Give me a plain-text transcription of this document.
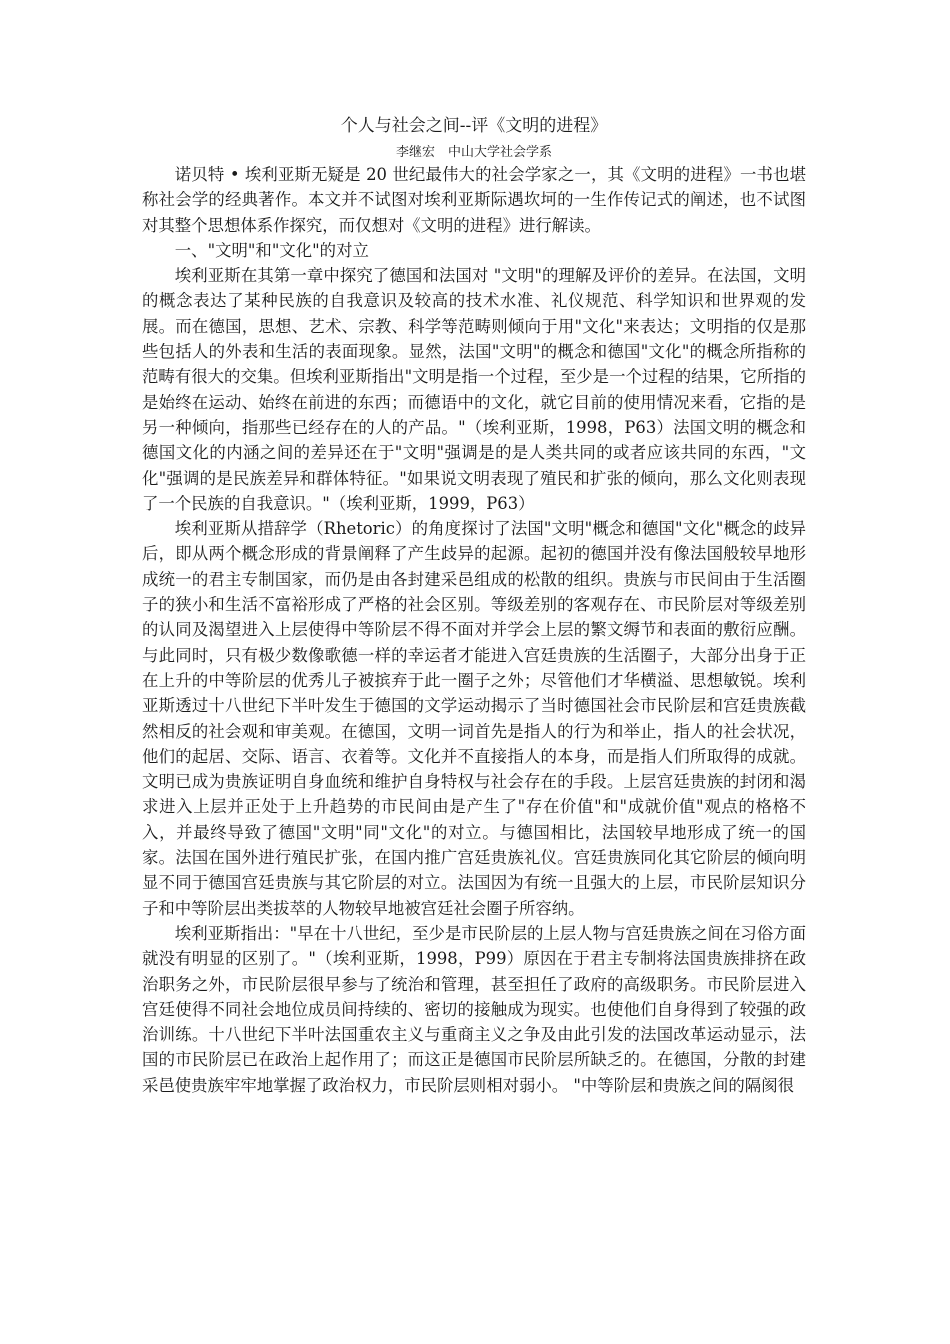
个人与社会之间--评《文明的进程》
李继宏　中山大学社会学系

诺贝特 • 埃利亚斯无疑是 20 世纪最伟大的社会学家之一，其《文明的进程》一书也堪称社会学的经典著作。本文并不试图对埃利亚斯际遇坎坷的一生作传记式的阐述，也不试图对其整个思想体系作探究，而仅想对《文明的进程》进行解读。

一、"文明"和"文化"的对立

埃利亚斯在其第一章中探究了德国和法国对 "文明"的理解及评价的差异。在法国，文明的概念表达了某种民族的自我意识及较高的技术水准、礼仪规范、科学知识和世界观的发展。而在德国，思想、艺术、宗教、科学等范畴则倾向于用"文化"来表达；文明指的仅是那些包括人的外表和生活的表面现象。显然，法国"文明"的概念和德国"文化"的概念所指称的范畴有很大的交集。但埃利亚斯指出"文明是指一个过程，至少是一个过程的结果，它所指的是始终在运动、始终在前进的东西；而德语中的文化，就它目前的使用情况来看，它指的是另一种倾向，指那些已经存在的人的产品。"（埃利亚斯，1998，P63）法国文明的概念和德国文化的内涵之间的差异还在于"文明"强调是的是人类共同的或者应该共同的东西，"文化"强调的是民族差异和群体特征。"如果说文明表现了殖民和扩张的倾向，那么文化则表现了一个民族的自我意识。"（埃利亚斯，1999，P63）

埃利亚斯从措辞学（Rhetoric）的角度探讨了法国"文明"概念和德国"文化"概念的歧异后，即从两个概念形成的背景阐释了产生歧异的起源。起初的德国并没有像法国般较早地形成统一的君主专制国家，而仍是由各封建采邑组成的松散的组织。贵族与市民间由于生活圈子的狭小和生活不富裕形成了严格的社会区别。等级差别的客观存在、市民阶层对等级差别的认同及渴望进入上层使得中等阶层不得不面对并学会上层的繁文缛节和表面的敷衍应酬。与此同时，只有极少数像歌德一样的幸运者才能进入宫廷贵族的生活圈子，大部分出身于正在上升的中等阶层的优秀儿子被摈弃于此一圈子之外；尽管他们才华横溢、思想敏锐。埃利亚斯透过十八世纪下半叶发生于德国的文学运动揭示了当时德国社会市民阶层和宫廷贵族截然相反的社会观和审美观。在德国，文明一词首先是指人的行为和举止，指人的社会状况，他们的起居、交际、语言、衣着等。文化并不直接指人的本身，而是指人们所取得的成就。文明已成为贵族证明自身血统和维护自身特权与社会存在的手段。上层宫廷贵族的封闭和渴求进入上层并正处于上升趋势的市民间由是产生了"存在价值"和"成就价值"观点的格格不入，并最终导致了德国"文明"同"文化"的对立。与德国相比，法国较早地形成了统一的国家。法国在国外进行殖民扩张，在国内推广宫廷贵族礼仪。宫廷贵族同化其它阶层的倾向明显不同于德国宫廷贵族与其它阶层的对立。法国因为有统一且强大的上层，市民阶层知识分子和中等阶层出类拔萃的人物较早地被宫廷社会圈子所容纳。

埃利亚斯指出："早在十八世纪，至少是市民阶层的上层人物与宫廷贵族之间在习俗方面就没有明显的区别了。"（埃利亚斯，1998，P99）原因在于君主专制将法国贵族排挤在政治职务之外，市民阶层很早参与了统治和管理，甚至担任了政府的高级职务。市民阶层进入宫廷使得不同社会地位成员间持续的、密切的接触成为现实。也使他们自身得到了较强的政治训练。十八世纪下半叶法国重农主义与重商主义之争及由此引发的法国改革运动显示，法国的市民阶层已在政治上起作用了；而这正是德国市民阶层所缺乏的。在德国，分散的封建采邑使贵族牢牢地掌握了政治权力，市民阶层则相对弱小。 "中等阶层和贵族之间的隔阂很
